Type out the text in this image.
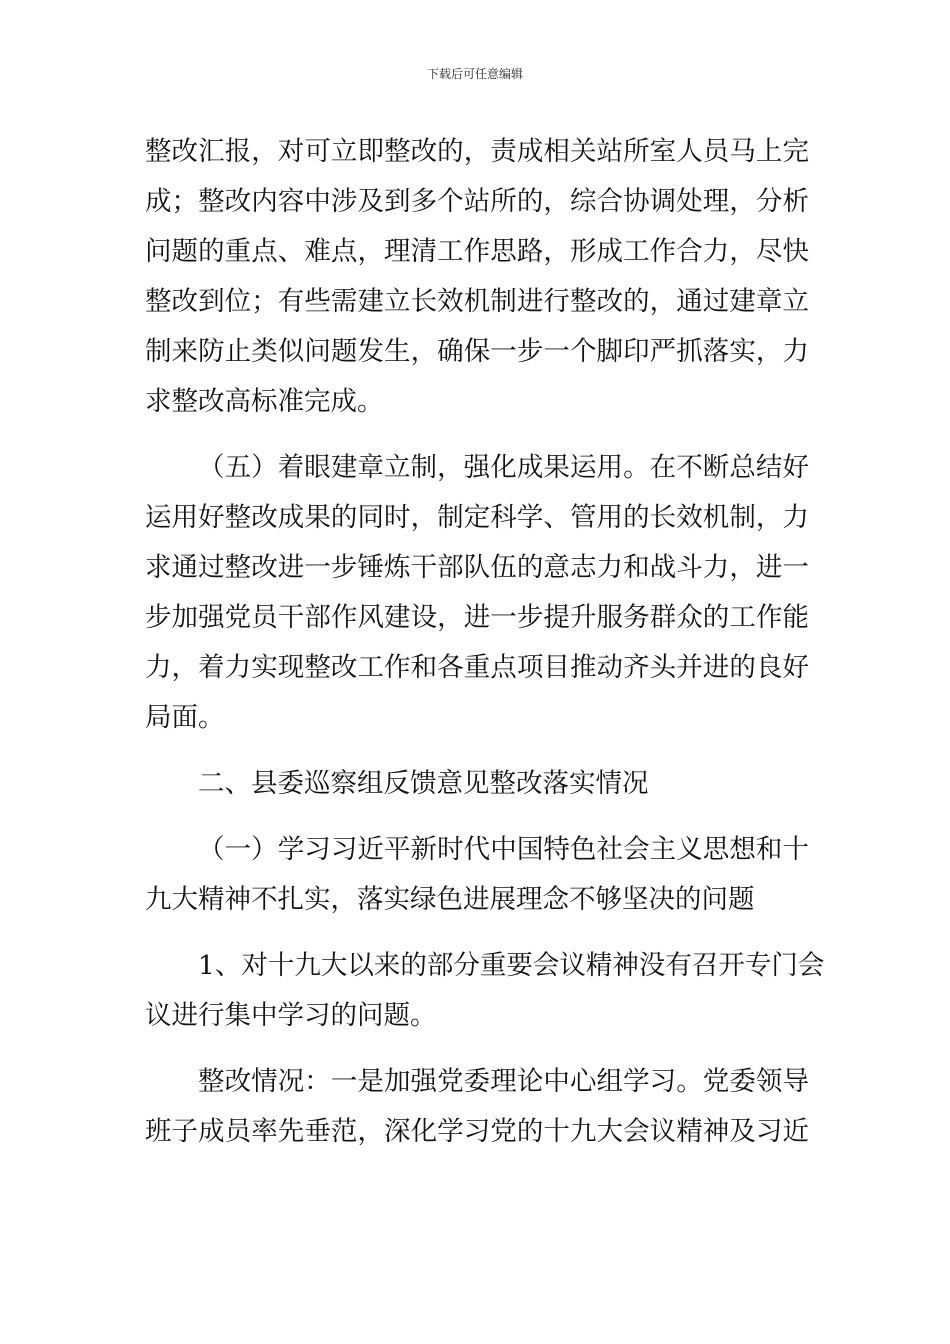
下载后可任意编辑
整改汇报，对可立即整改的，责成相关站所室人员马上完
成；整改内容中涉及到多个站所的，综合协调处理，分析
问题的重点、难点，理清工作思路，形成工作合力，尽快
整改到位；有些需建立长效机制进行整改的，通过建章立
制来防止类似问题发生，确保一步一个脚印严抓落实，力
求整改高标准完成。
（五）着眼建章立制，强化成果运用。在不断总结好
运用好整改成果的同时，制定科学、管用的长效机制，力
求通过整改进一步锤炼干部队伍的意志力和战斗力，进一
步加强党员干部作风建设，进一步提升服务群众的工作能
力，着力实现整改工作和各重点项目推动齐头并进的良好
局面。
二、县委巡察组反馈意见整改落实情况
（一）学习习近平新时代中国特色社会主义思想和十
九大精神不扎实，落实绿色进展理念不够坚决的问题
1、对十九大以来的部分重要会议精神没有召开专门会
议进行集中学习的问题。
整改情况：一是加强党委理论中心组学习。党委领导
班子成员率先垂范，深化学习党的十九大会议精神及习近
